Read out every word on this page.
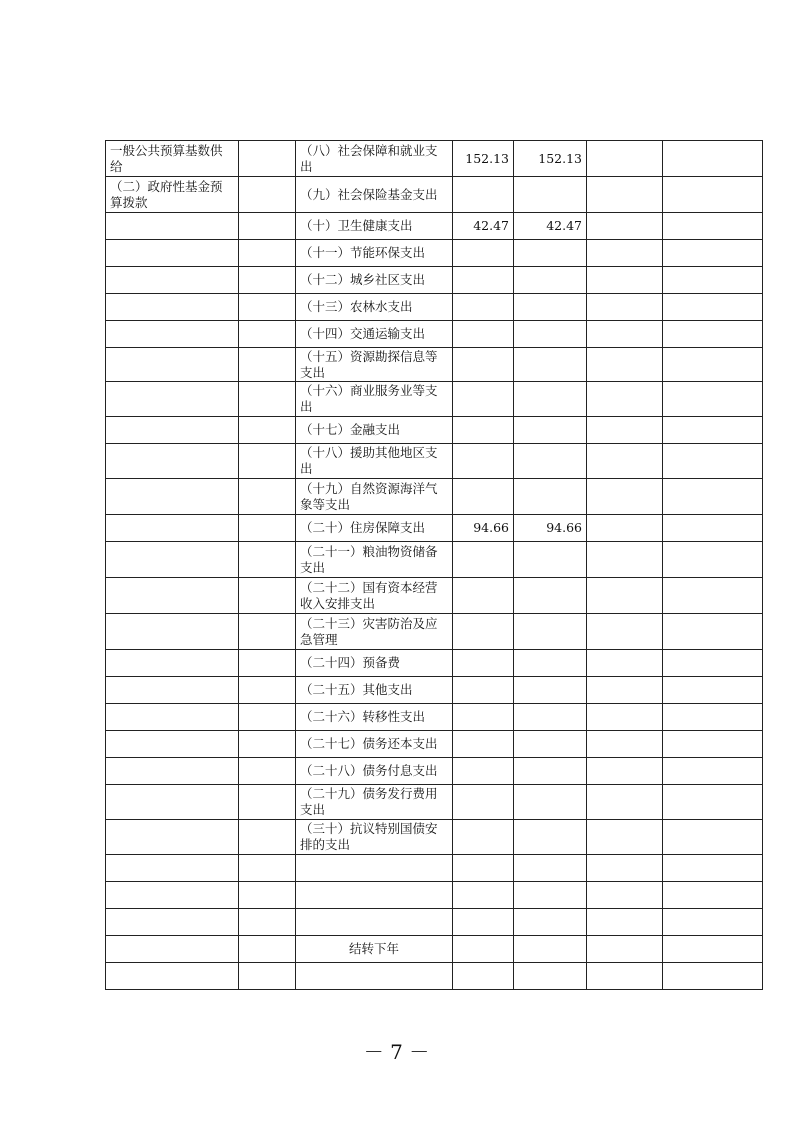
一般公共预算基数供给		（八）社会保障和就业支出	152.13	152.13		
（二）政府性基金预算拨款		（九）社会保险基金支出				
		（十）卫生健康支出	42.47	42.47		
		（十一）节能环保支出				
		（十二）城乡社区支出				
		（十三）农林水支出				
		（十四）交通运输支出				
		（十五）资源勘探信息等支出				
		（十六）商业服务业等支出				
		（十七）金融支出				
		（十八）援助其他地区支出				
		（十九）自然资源海洋气象等支出				
		（二十）住房保障支出	94.66	94.66		
		（二十一）粮油物资储备支出				
		（二十二）国有资本经营收入安排支出				
		（二十三）灾害防治及应急管理				
		（二十四）预备费				
		（二十五）其他支出				
		（二十六）转移性支出				
		（二十七）债务还本支出				
		（二十八）债务付息支出				
		（二十九）债务发行费用支出				
		（三十）抗议特别国债安排的支出				

		结转下年				

－ 7 －
